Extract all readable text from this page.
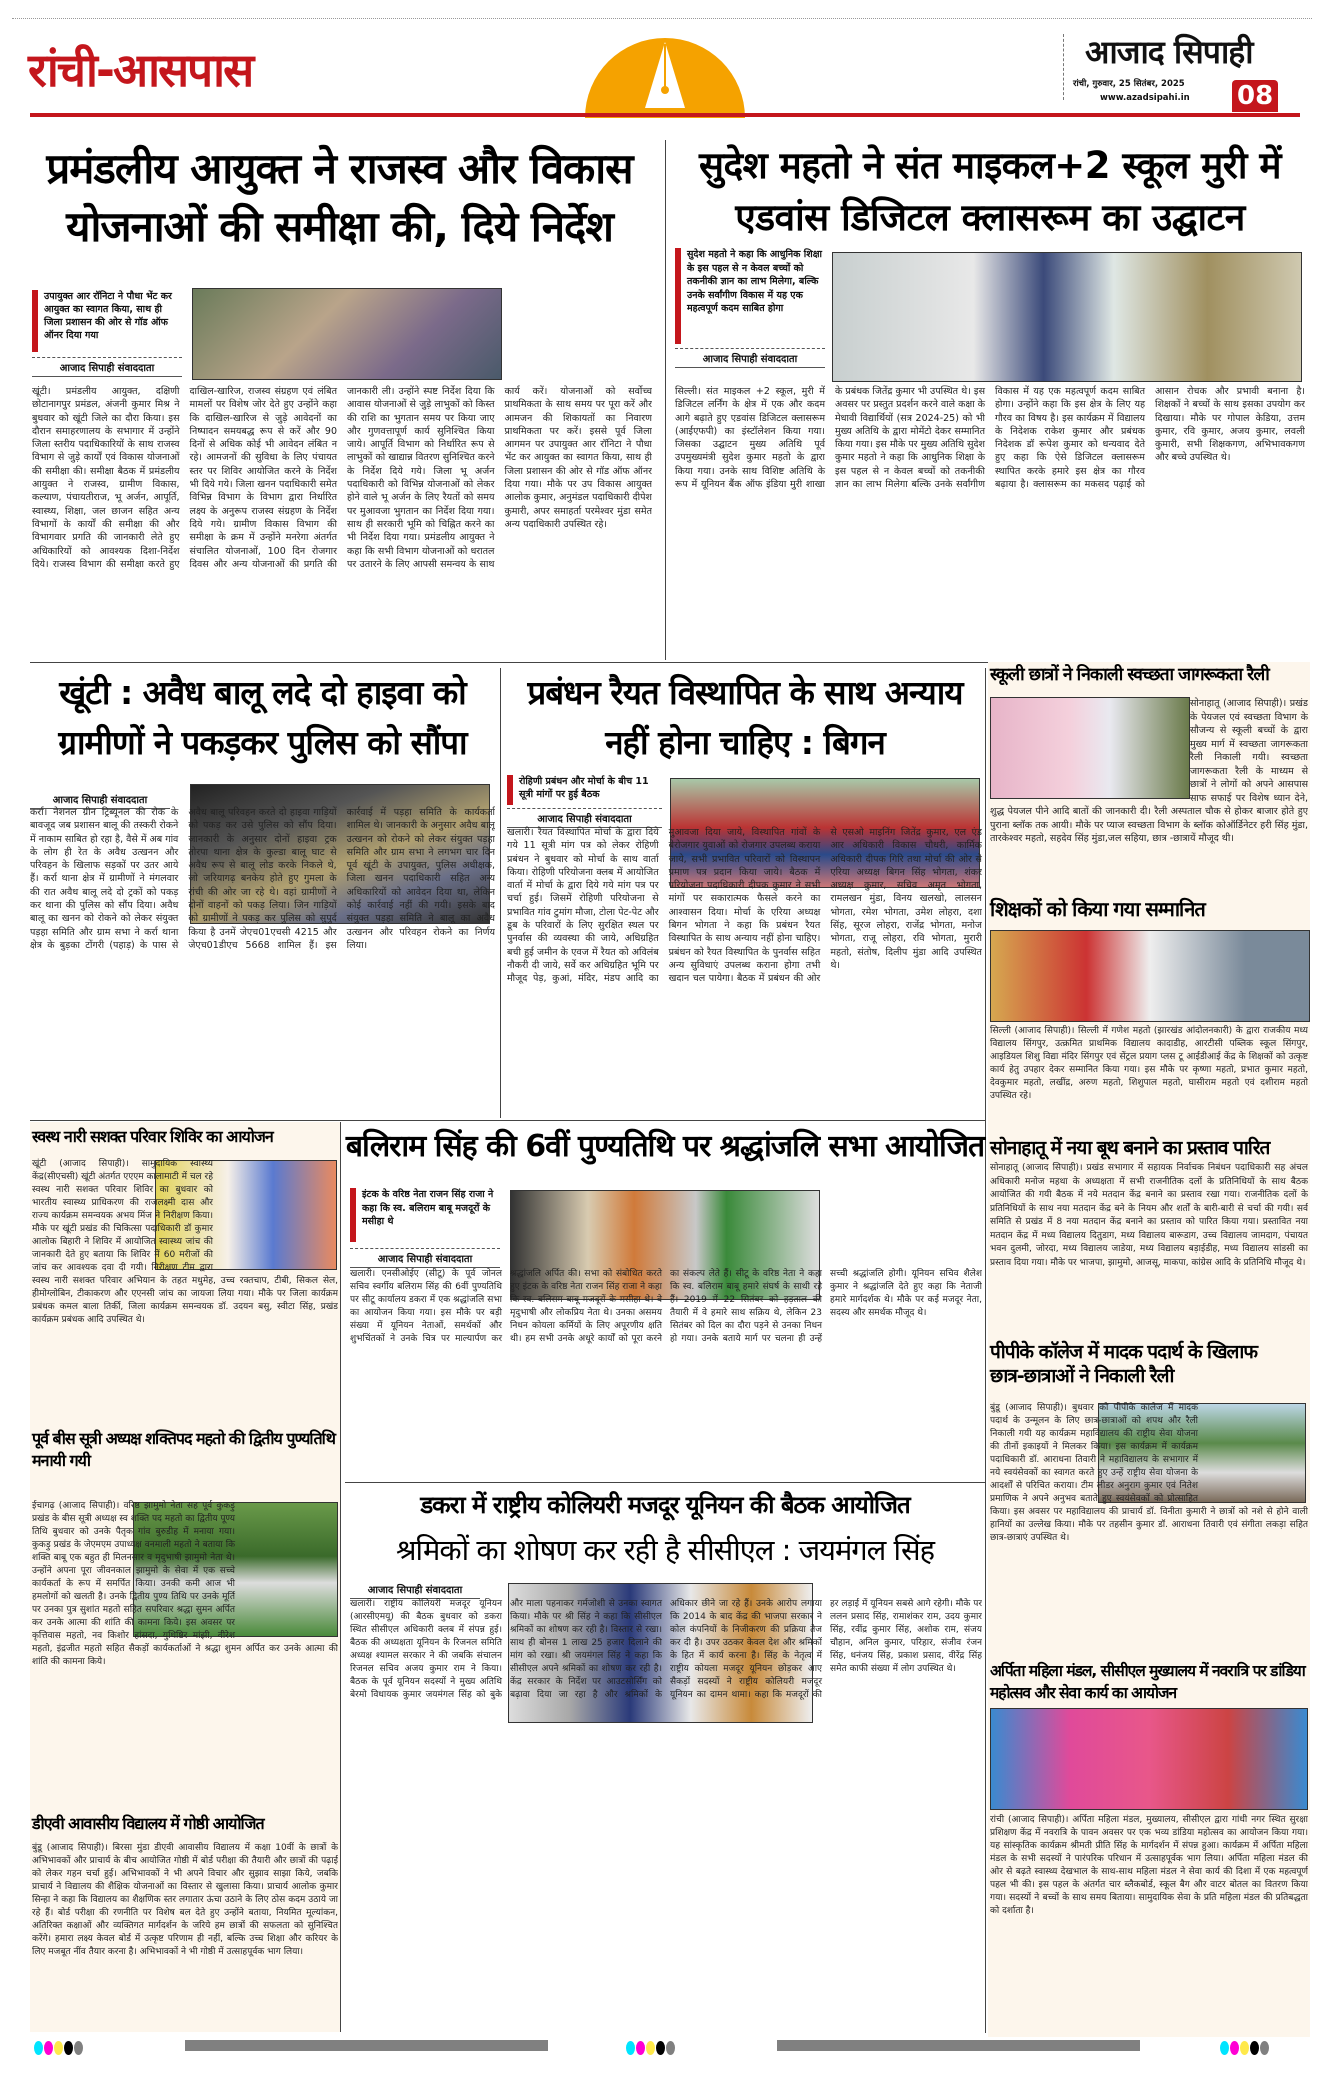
रांची-आसपास	आजाद सिपाही
रांची, गुरुवार, 25 सितंबर, 2025
www.azadsipahi.in 08
प्रमंडलीय आयुक्त ने राजस्व और विकास योजनाओं की समीक्षा की, दिये निर्देश
उपायुक्त आर रॉनिटा ने पौधा भेंट कर आयुक्त का स्वागत किया, साथ ही जिला प्रशासन की ओर से गॉड ऑफ ऑनर दिया गया
आजाद सिपाही संवाददाता
खूंटी। प्रमंडलीय आयुक्त, दक्षिणी छोटानागपुर प्रमंडल, अंजनी कुमार मिश्र ने बुधवार को खूंटी जिले का दौरा किया। इस दौरान समाहरणालय के सभागार में उन्होंने जिला स्तरीय पदाधिकारियों के साथ राजस्व विभाग से जुड़े कार्यों एवं विकास योजनाओं की समीक्षा की। समीक्षा बैठक में प्रमंडलीय आयुक्त ने राजस्व, ग्रामीण विकास, कल्याण, पंचायतीराज, भू अर्जन, आपूर्ति, स्वास्थ्य, शिक्षा, जल छाजन सहित अन्य विभागों के कार्यों की समीक्षा की और विभागवार प्रगति की जानकारी लेते हुए अधिकारियों को आवश्यक दिशा-निर्देश दिये। राजस्व विभाग की समीक्षा करते हुए दाखिल-खारिज, राजस्व संग्रहण एवं लंबित मामलों पर विशेष जोर देते हुए उन्होंने कहा कि दाखिल-खारिज से जुड़े आवेदनों का निष्पादन समयबद्ध रूप से करें और 90 दिनों से अधिक कोई भी आवेदन लंबित न रहे। आमजनों की सुविधा के लिए पंचायत स्तर पर शिविर आयोजित करने के निर्देश भी दिये गये। जिला खनन पदाधिकारी समेत विभिन्न विभाग के विभाग द्वारा निर्धारित लक्ष्य के अनुरूप राजस्व संग्रहण के निर्देश दिये गये। ग्रामीण विकास विभाग की समीक्षा के क्रम में उन्होंने मनरेगा अंतर्गत संचालित योजनाओं, 100 दिन रोजगार दिवस और अन्य योजनाओं की प्रगति की जानकारी ली। उन्होंने स्पष्ट निर्देश दिया कि आवास योजनाओं से जुड़े लाभुकों को किस्त की राशि का भुगतान समय पर किया जाए और गुणवत्तापूर्ण कार्य सुनिश्चित किया जाये। आपूर्ति विभाग को निर्धारित रूप से लाभुकों को खाद्यान्न वितरण सुनिश्चित करने के निर्देश दिये गये। जिला भू अर्जन पदाधिकारी को विभिन्न योजनाओं को लेकर होने वाले भू अर्जन के लिए रैयतों को समय पर मुआवजा भुगतान का निर्देश दिया गया। साथ ही सरकारी भूमि को चिह्नित करने का भी निर्देश दिया गया। प्रमंडलीय आयुक्त ने कहा कि सभी विभाग योजनाओं को धरातल पर उतारने के लिए आपसी समन्वय के साथ कार्य करें। योजनाओं को सर्वोच्च प्राथमिकता के साथ समय पर पूरा करें और आमजन की शिकायतों का निवारण प्राथमिकता पर करें। इससे पूर्व जिला आगमन पर उपायुक्त आर रॉनिटा ने पौधा भेंट कर आयुक्त का स्वागत किया, साथ ही जिला प्रशासन की ओर से गॉड ऑफ ऑनर दिया गया। मौके पर उप विकास आयुक्त आलोक कुमार, अनुमंडल पदाधिकारी दीपेश कुमारी, अपर समाहर्ता परमेश्वर मुंडा समेत अन्य पदाधिकारी उपस्थित रहे।
सुदेश महतो ने संत माइकल+2 स्कूल मुरी में एडवांस डिजिटल क्लासरूम का उद्घाटन
सुदेश महतो ने कहा कि आधुनिक शिक्षा के इस पहल से न केवल बच्चों को तकनीकी ज्ञान का लाभ मिलेगा, बल्कि उनके सर्वांगीण विकास में यह एक महत्वपूर्ण कदम साबित होगा
आजाद सिपाही संवाददाता
सिल्ली। संत माइकल +2 स्कूल, मुरी में डिजिटल लर्निंग के क्षेत्र में एक और कदम आगे बढ़ाते हुए एडवांस डिजिटल क्लासरूम (आईएफपी) का इंस्टॉलेशन किया गया। जिसका उद्घाटन मुख्य अतिथि पूर्व उपमुख्यमंत्री सुदेश कुमार महतो के द्वारा किया गया। उनके साथ विशिष्ट अतिथि के रूप में यूनियन बैंक ऑफ इंडिया मुरी शाखा के प्रबंधक जितेंद्र कुमार भी उपस्थित थे। इस अवसर पर प्रस्तुत प्रदर्शन करने वाले कक्षा के मेधावी विद्यार्थियों (सत्र 2024-25) को भी मुख्य अतिथि के द्वारा मोमेंटो देकर सम्मानित किया गया। इस मौके पर मुख्य अतिथि सुदेश कुमार महतो ने कहा कि आधुनिक शिक्षा के इस पहल से न केवल बच्चों को तकनीकी ज्ञान का लाभ मिलेगा बल्कि उनके सर्वांगीण विकास में यह एक महत्वपूर्ण कदम साबित होगा। उन्होंने कहा कि इस क्षेत्र के लिए यह गौरव का विषय है। इस कार्यक्रम में विद्यालय के निदेशक राकेश कुमार और प्रबंधक निदेशक डॉ रूपेश कुमार को धन्यवाद देते हुए कहा कि ऐसे डिजिटल क्लासरूम स्थापित करके हमारे इस क्षेत्र का गौरव बढ़ाया है। क्लासरूम का मकसद पढ़ाई को आसान रोचक और प्रभावी बनाना है। शिक्षकों ने बच्चों के साथ इसका उपयोग कर दिखाया। मौके पर गोपाल केडिया, उत्तम कुमार, रवि कुमार, अजय कुमार, लवली कुमारी, सभी शिक्षकगण, अभिभावकगण और बच्चे उपस्थित थे।
खूंटी : अवैध बालू लदे दो हाइवा को ग्रामीणों ने पकड़कर पुलिस को सौंपा
आजाद सिपाही संवाददाता
कर्रा। नेशनल ग्रीन ट्रिब्यूनल की रोक के बावजूद जब प्रशासन बालू की तस्करी रोकने में नाकाम साबित हो रहा है, वैसे में अब गांव के लोग ही रेत के अवैध उत्खनन और परिवहन के खिलाफ सड़कों पर उतर आये हैं। कर्रा थाना क्षेत्र में ग्रामीणों ने मंगलवार की रात अवैध बालू लदे दो ट्रकों को पकड़ कर थाना की पुलिस को सौंप दिया। अवैध बालू का खनन को रोकने को लेकर संयुक्त पड़हा समिति और ग्राम सभा ने कर्रा थाना क्षेत्र के बुड़का टोंगरी (पहाड़) के पास से अवैध बालू परिवहन करते दो हाइवा गाड़ियों को पकड़ कर उसे पुलिस को सौंप दिया। जानकारी के अनुसार दोनों हाइवा ट्रक तोरपा थाना क्षेत्र के कुल्डा बालू घाट से अवैध रूप से बालू लोड करके निकले थे, जो जरियागढ़ बनकेय होते हुए गुमला के रांची की ओर जा रहे थे। वहां ग्रामीणों ने दोनों वाहनों को पकड़ लिया। जिन गाड़ियों को ग्रामीणों ने पकड़ कर पुलिस को सुपुर्द किया है उनमें जेएच01एचसी 4215 और जेएच01डीएच 5668 शामिल हैं। इस कार्रवाई में पड़हा समिति के कार्यकर्ता शामिल थे। जानकारी के अनुसार अवैध बालू उत्खनन को रोकने को लेकर संयुक्त पड़हा समिति और ग्राम सभा ने लगभग चार दिन पूर्व खूंटी के उपायुक्त, पुलिस अधीक्षक, जिला खनन पदाधिकारी सहित अन्य अधिकारियों को आवेदन दिया था, लेकिन कोई कार्रवाई नहीं की गयी। इसके बाद संयुक्त पड़हा समिति ने बालू का अवैध उत्खनन और परिवहन रोकने का निर्णय लिया।
प्रबंधन रैयत विस्थापित के साथ अन्याय नहीं होना चाहिए : बिगन
रोहिणी प्रबंधन और मोर्चा के बीच 11 सूत्री मांगों पर हुई बैठक
आजाद सिपाही संवाददाता
खलारी। रैयत विस्थापित मोर्चा के द्वारा दिये गये 11 सूत्री मांग पत्र को लेकर रोहिणी प्रबंधन ने बुधवार को मोर्चा के साथ वार्ता किया। रोहिणी परियोजना क्लब में आयोजित वार्ता में मोर्चा के द्वारा दिये गये मांग पत्र पर चर्चा हुई। जिसमें रोहिणी परियोजना से प्रभावित गांव टुमांग मौजा, टोला पेट-पेट और डूब के परिवारों के लिए सुरक्षित स्थल पर पुनर्वास की व्यवस्था की जाये, अधिग्रहित बची हुई जमीन के एवज में रैयत को अविलंब नौकरी दी जाये, सर्वे कर अधिग्रहित भूमि पर मौजूद पेड़, कुआं, मंदिर, मंडप आदि का मुआवजा दिया जाये, विस्थापित गांवों के बेरोजगार युवाओं को रोजगार उपलब्ध कराया जाये, सभी प्रभावित परिवारों को विस्थापन प्रमाण पत्र प्रदान किया जाये। बैठक में परियोजना पदाधिकारी दीपक कुमार ने सभी मांगों पर सकारात्मक फैसले करने का आश्वासन दिया। मोर्चा के एरिया अध्यक्ष बिगन भोगता ने कहा कि प्रबंधन रैयत विस्थापित के साथ अन्याय नहीं होना चाहिए। प्रबंधन को रैयत विस्थापित के पुनर्वास सहित अन्य सुविधाएं उपलब्ध कराना होगा तभी खदान चल पायेगा। बैठक में प्रबंधन की ओर से एसओ माइनिंग जितेंद्र कुमार, एल एंड आर अधिकारी विकास चौधरी, कार्मिक अधिकारी दीपक गिरि तथा मोर्चा की ओर से एरिया अध्यक्ष बिगन सिंह भोगता, शंकर अध्यक्ष कुमार, सचिव अमृत भोगता, रामलखन मुंडा, विनय खलखो, लालसन भोगता, रमेश भोगता, उमेश लोहरा, दशा सिंह, सूरज लोहरा, राजेंद्र भोगता, मनोज भोगता, राजू लोहरा, रवि भोगता, मुरारी महतो, संतोष, दिलीप मुंडा आदि उपस्थित थे।
स्कूली छात्रों ने निकाली स्वच्छता जागरूकता रैली
सोनाहातू (आजाद सिपाही)। प्रखंड के पेयजल एवं स्वच्छता विभाग के सौजन्य से स्कूली बच्चों के द्वारा मुख्य मार्ग में स्वच्छता जागरूकता रैली निकाली गयी। स्वच्छता जागरूकता रैली के माध्यम से छात्रों ने लोगों को अपने आसपास साफ सफाई पर विशेष ध्यान देने, शुद्ध पेयजल पीने आदि बातों की जानकारी दी। रैली अस्पताल चौक से होकर बाजार होते हुए पुराना ब्लॉक तक आयी। मौके पर प्याज स्वच्छता विभाग के ब्लॉक कोऑर्डिनेटर हरी सिंह मुंडा, तारकेश्वर महतो, सहदेव सिंह मुंडा,जल सहिया, छात्र -छात्रायें मौजूद थी।
शिक्षकों को किया गया सम्मानित
सिल्ली (आजाद सिपाही)। सिल्ली में गणेश महतो (झारखंड आंदोलनकारी) के द्वारा राजकीय मध्य विद्यालय सिंगपुर, उत्क्रमित प्राथमिक विद्यालय कादाडीह, आरटीसी पब्लिक स्कूल सिंगपुर, आइडियल शिशु विद्या मंदिर सिंगपुर एवं सेंट्रल प्रयाग प्लस टू आईडीआई केंद्र के शिक्षकों को उत्कृष्ट कार्य हेतु उपहार देकर सम्मानित किया गया। इस मौके पर कृष्णा महतो, प्रभात कुमार महतो, देवकुमार महतो, लखींद्र, अरुण महतो, शिशुपाल महतो, घासीराम महतो एवं दशीराम महतो उपस्थित रहे।
सोनाहातू में नया बूथ बनाने का प्रस्ताव पारित
सोनाहातू (आजाद सिपाही)। प्रखंड सभागार में सहायक निर्वाचक निबंधन पदाधिकारी सह अंचल अधिकारी मनोज महथा के अध्यक्षता में सभी राजनीतिक दलों के प्रतिनिधियों के साथ बैठक आयोजित की गयी बैठक में नये मतदान केंद्र बनाने का प्रस्ताव रखा गया। राजनीतिक दलों के प्रतिनिधियों के साथ नया मतदान केंद्र बने के नियम और शर्तों के बारी-बारी से चर्चा की गयी। सर्व समिति से प्रखंड में 8 नया मतदान केंद्र बनाने का प्रस्ताव को पारित किया गया। प्रस्तावित नया मतदान केंद्र में मध्य विद्यालय दितुडाग, मध्य विद्यालय बारूडाग, उच्च विद्यालय जामदाग, पंचायत भवन दुलमी, जोरदा, मध्य विद्यालय जाडेया, मध्य विद्यालय बड़ाईडीह, मध्य विद्यालय सांडसी का प्रस्ताव दिया गया। मौके पर भाजपा, झामुमो, आजसू, माकपा, कांग्रेस आदि के प्रतिनिधि मौजूद थे।
पीपीके कॉलेज में मादक पदार्थ के खिलाफ छात्र-छात्राओं ने निकाली रैली
बुंडू (आजाद सिपाही)। बुधवार को पीपीके कालेज में मादक पदार्थ के उन्मूलन के लिए छात्र-छात्राओं को शपथ और रैली निकाली गयी यह कार्यक्रम महाविद्यालय की राष्ट्रीय सेवा योजना की तीनों इकाइयों ने मिलकर किया। इस कार्यक्रम में कार्यक्रम पदाधिकारी डॉ. आराधना तिवारी ने महाविद्यालय के सभागार में नये स्वयंसेवकों का स्वागत करते हुए उन्हें राष्ट्रीय सेवा योजना के आदर्शों से परिचित कराया। टीम लीडर अनुराग कुमार एवं नितेश प्रमाणिक ने अपने अनुभव बताते हुए स्वयंसेवकों को प्रोत्साहित किया। इस अवसर पर महाविद्यालय की प्राचार्य डॉ. विनीता कुमारी ने छात्रों को नशे से होने वाली हानियों का उल्लेख किया। मौके पर तहसीन कुमार डॉ. आराधना तिवारी एवं संगीता लकड़ा सहित छात्र-छात्राएं उपस्थित थे।
अर्पिता महिला मंडल, सीसीएल मुख्यालय में नवरात्रि पर डांडिया महोत्सव और सेवा कार्य का आयोजन
रांची (आजाद सिपाही)। अर्पिता महिला मंडल, मुख्यालय, सीसीएल द्वारा गांधी नगर स्थित सुरक्षा प्रशिक्षण केंद्र में नवरात्रि के पावन अवसर पर एक भव्य डांडिया महोत्सव का आयोजन किया गया। यह सांस्कृतिक कार्यक्रम श्रीमती प्रीति सिंह के मार्गदर्शन में संपन्न हुआ। कार्यक्रम में अर्पिता महिला मंडल के सभी सदस्यों ने पारंपरिक परिधान में उत्साहपूर्वक भाग लिया। अर्पिता महिला मंडल की ओर से बढ़ते स्वास्थ्य देखभाल के साथ-साथ महिला मंडल ने सेवा कार्य की दिशा में एक महत्वपूर्ण पहल भी की। इस पहल के अंतर्गत चार ब्लैकबोर्ड, स्कूल बैग और वाटर बोतल का वितरण किया गया। सदस्यों ने बच्चों के साथ समय बिताया। सामुदायिक सेवा के प्रति महिला मंडल की प्रतिबद्धता को दर्शाता है।
स्वस्थ नारी सशक्त परिवार शिविर का आयोजन
खूंटी (आजाद सिपाही)। सामुदायिक स्वास्थ्य केंद्र(सीएचसी) खूंटी अंतर्गत एएएम कालामाटी में चल रहे स्वस्थ नारी सशक्त परिवार शिविर का बुधवार को भारतीय स्वास्थ्य प्राधिकरण की राजलक्ष्मी दास और राज्य कार्यक्रम समन्वयक अभय मिंज ने निरीक्षण किया। मौके पर खूंटी प्रखंड की चिकित्सा पदाधिकारी डॉ कुमार आलोक बिहारी ने शिविर में आयोजित स्वास्थ्य जांच की जानकारी देते हुए बताया कि शिविर में 60 मरीजों की जांच कर आवश्यक दवा दी गयी। निरीक्षण टीम द्वारा स्वस्थ नारी सशक्त परिवार अभियान के तहत मधुमेह, उच्च रक्तचाप, टीबी, सिकल सेल, हीमोग्लोबिन, टीकाकरण और एएनसी जांच का जायजा लिया गया। मौके पर जिला कार्यक्रम प्रबंधक कमल बाला तिर्की, जिला कार्यक्रम समन्वयक डॉ. उदयन बसु, स्वीटा सिंह, प्रखंड कार्यक्रम प्रबंधक आदि उपस्थित थे।
पूर्व बीस सूत्री अध्यक्ष शक्तिपद महतो की द्वितीय पुण्यतिथि मनायी गयी
ईचागढ़ (आजाद सिपाही)। वरिष्ठ झामुमो नेता सह पूर्व कुकड़ु प्रखंड के बीस सूत्री अध्यक्ष स्व शक्ति पद महतो का द्वितीय पूण्य तिथि बुधवार को उनके पैतृक गांव बुरुडीह में मनाया गया। कुकड़ु प्रखंड के जेएमएम उपाध्यक्ष वनमाली महतो ने बताया कि शक्ति बाबू एक बहुत ही मिलनसार व मृदुभाषी झामुमो नेता थे। उन्होंने अपना पूरा जीवनकाल झामुमो के सेवा में एक सच्चे कार्यकर्ता के रूप में समर्पित किया। उनकी कमी आज भी हमलोगों को खलती है। उनके द्वितीय पुण्य तिथि पर उनके मूर्ति पर उनका पुत्र सुशांत महतो सहित सपरिवार श्रद्धा सुमन अर्पित कर उनके आत्मा की शांति की कामना किये। इस अवसर पर कृत्तिवास महतो, नव किशोर हांसदा, युधिष्ठिर मांझी, वीरेश महतो, इंद्रजीत महतो सहित सैकड़ों कार्यकर्ताओं ने श्रद्धा शुमन अर्पित कर उनके आत्मा की शांति की कामना किये।
डीएवी आवासीय विद्यालय में गोष्ठी आयोजित
बुंडू (आजाद सिपाही)। बिरसा मुंडा डीएवी आवासीय विद्यालय में कक्षा 10वीं के छात्रों के अभिभावकों और प्राचार्य के बीच आयोजित गोष्ठी में बोर्ड परीक्षा की तैयारी और छात्रों की पढ़ाई को लेकर गहन चर्चा हुई। अभिभावकों ने भी अपने विचार और सुझाव साझा किये, जबकि प्राचार्य ने विद्यालय की शैक्षिक योजनाओं का विस्तार से खुलासा किया। प्राचार्य आलोक कुमार सिन्हा ने कहा कि विद्यालय का शैक्षणिक स्तर लगातार ऊंचा उठाने के लिए ठोस कदम उठाये जा रहे हैं। बोर्ड परीक्षा की रणनीति पर विशेष बल देते हुए उन्होंने बताया, नियमित मूल्यांकन, अतिरिक्त कक्षाओं और व्यक्तिगत मार्गदर्शन के जरिये हम छात्रों की सफलता को सुनिश्चित करेंगे। हमारा लक्ष्य केवल बोर्ड में उत्कृष्ट परिणाम ही नहीं, बल्कि उच्च शिक्षा और करियर के लिए मजबूत नींव तैयार करना है। अभिभावकों ने भी गोष्ठी में उत्साहपूर्वक भाग लिया।
बलिराम सिंह की 6वीं पुण्यतिथि पर श्रद्धांजलि सभा आयोजित
इंटक के वरिष्ठ नेता राजन सिंह राजा ने कहा कि स्व. बलिराम बाबू मजदूरों के मसीहा थे
आजाद सिपाही संवाददाता
खलारी। एनसीओईए (सीटू) के पूर्व जोनल सचिव स्वर्गीय बलिराम सिंह की 6वीं पुण्यतिथि पर सीटू कार्यालय डकरा में एक श्रद्धांजलि सभा का आयोजन किया गया। इस मौके पर बड़ी संख्या में यूनियन नेताओं, समर्थकों और शुभचिंतकों ने उनके चित्र पर माल्यार्पण कर श्रद्धांजलि अर्पित की। सभा को संबोधित करते हुए इंटक के वरिष्ठ नेता राजन सिंह राजा ने कहा कि स्व. बलिराम बाबू मजदूरों के मसीहा थे। वे मृदुभाषी और लोकप्रिय नेता थे। उनका असमय निधन कोयला कर्मियों के लिए अपूरणीय क्षति थी। हम सभी उनके अधूरे कार्यों को पूरा करने का संकल्प लेते हैं। सीटू के वरिष्ठ नेता ने कहा कि स्व. बलिराम बाबू हमारे संघर्ष के साथी रहे हैं। 2019 में 22 सितंबर को हड़ताल की तैयारी में वे हमारे साथ सक्रिय थे, लेकिन 23 सितंबर को दिल का दौरा पड़ने से उनका निधन हो गया। उनके बताये मार्ग पर चलना ही उन्हें सच्ची श्रद्धांजलि होगी। यूनियन सचिव शैलेश कुमार ने श्रद्धांजलि देते हुए कहा कि नेताजी हमारे मार्गदर्शक थे। मौके पर कई मजदूर नेता, सदस्य और समर्थक मौजूद थे।
डकरा में राष्ट्रीय कोलियरी मजदूर यूनियन की बैठक आयोजित
श्रमिकों का शोषण कर रही है सीसीएल : जयमंगल सिंह
आजाद सिपाही संवाददाता
खलारी। राष्ट्रीय कोलियरी मजदूर यूनियन (आरसीएमयू) की बैठक बुधवार को डकरा स्थित सीसीएल अधिकारी क्लब में संपन्न हुई। बैठक की अध्यक्षता यूनियन के रिजनल समिति अध्यक्ष श्यामल सरकार ने की जबकि संचालन रिजनल सचिव अजय कुमार राम ने किया। बैठक के पूर्व यूनियन सदस्यों ने मुख्य अतिथि बेरमो विधायक कुमार जयमंगल सिंह को बुके और माला पहनाकर गर्मजोशी से उनका स्वागत किया। मौके पर श्री सिंह ने कहा कि सीसीएल श्रमिकों का शोषण कर रही है। विस्तार से रखा। साथ ही बोनस 1 लाख 25 हजार दिलाने की मांग को रखा। श्री जयमंगल सिंह ने कहा कि सीसीएल अपने श्रमिकों का शोषण कर रही है। केंद्र सरकार के निर्देश पर आउटसोर्सिंग को बढ़ावा दिया जा रहा है और श्रमिकों के अधिकार छीने जा रहे हैं। उनके आरोप लगाया कि 2014 के बाद केंद्र की भाजपा सरकार ने कोल कंपनियों के निजीकरण की प्रक्रिया तेज कर दी है। उपर उठकर केवल देश और श्रमिकों के हित में कार्य करना है। सिंह के नेतृत्व में राष्ट्रीय कोयला मजदूर यूनियन छोड़कर आए सैकड़ों सदस्यों ने राष्ट्रीय कोलियरी मजदूर यूनियन का दामन थामा। कहा कि मजदूरों की हर लड़ाई में यूनियन सबसे आगे रहेगी। मौके पर ललन प्रसाद सिंह, रामाशंकर राम, उदय कुमार सिंह, रवींद्र कुमार सिंह, अशोक राम, संजय चौहान, अनिल कुमार, परिहार, संजीव रंजन सिंह, धनंजय सिंह, प्रकाश प्रसाद, वीरेंद्र सिंह समेत काफी संख्या में लोग उपस्थित थे।
